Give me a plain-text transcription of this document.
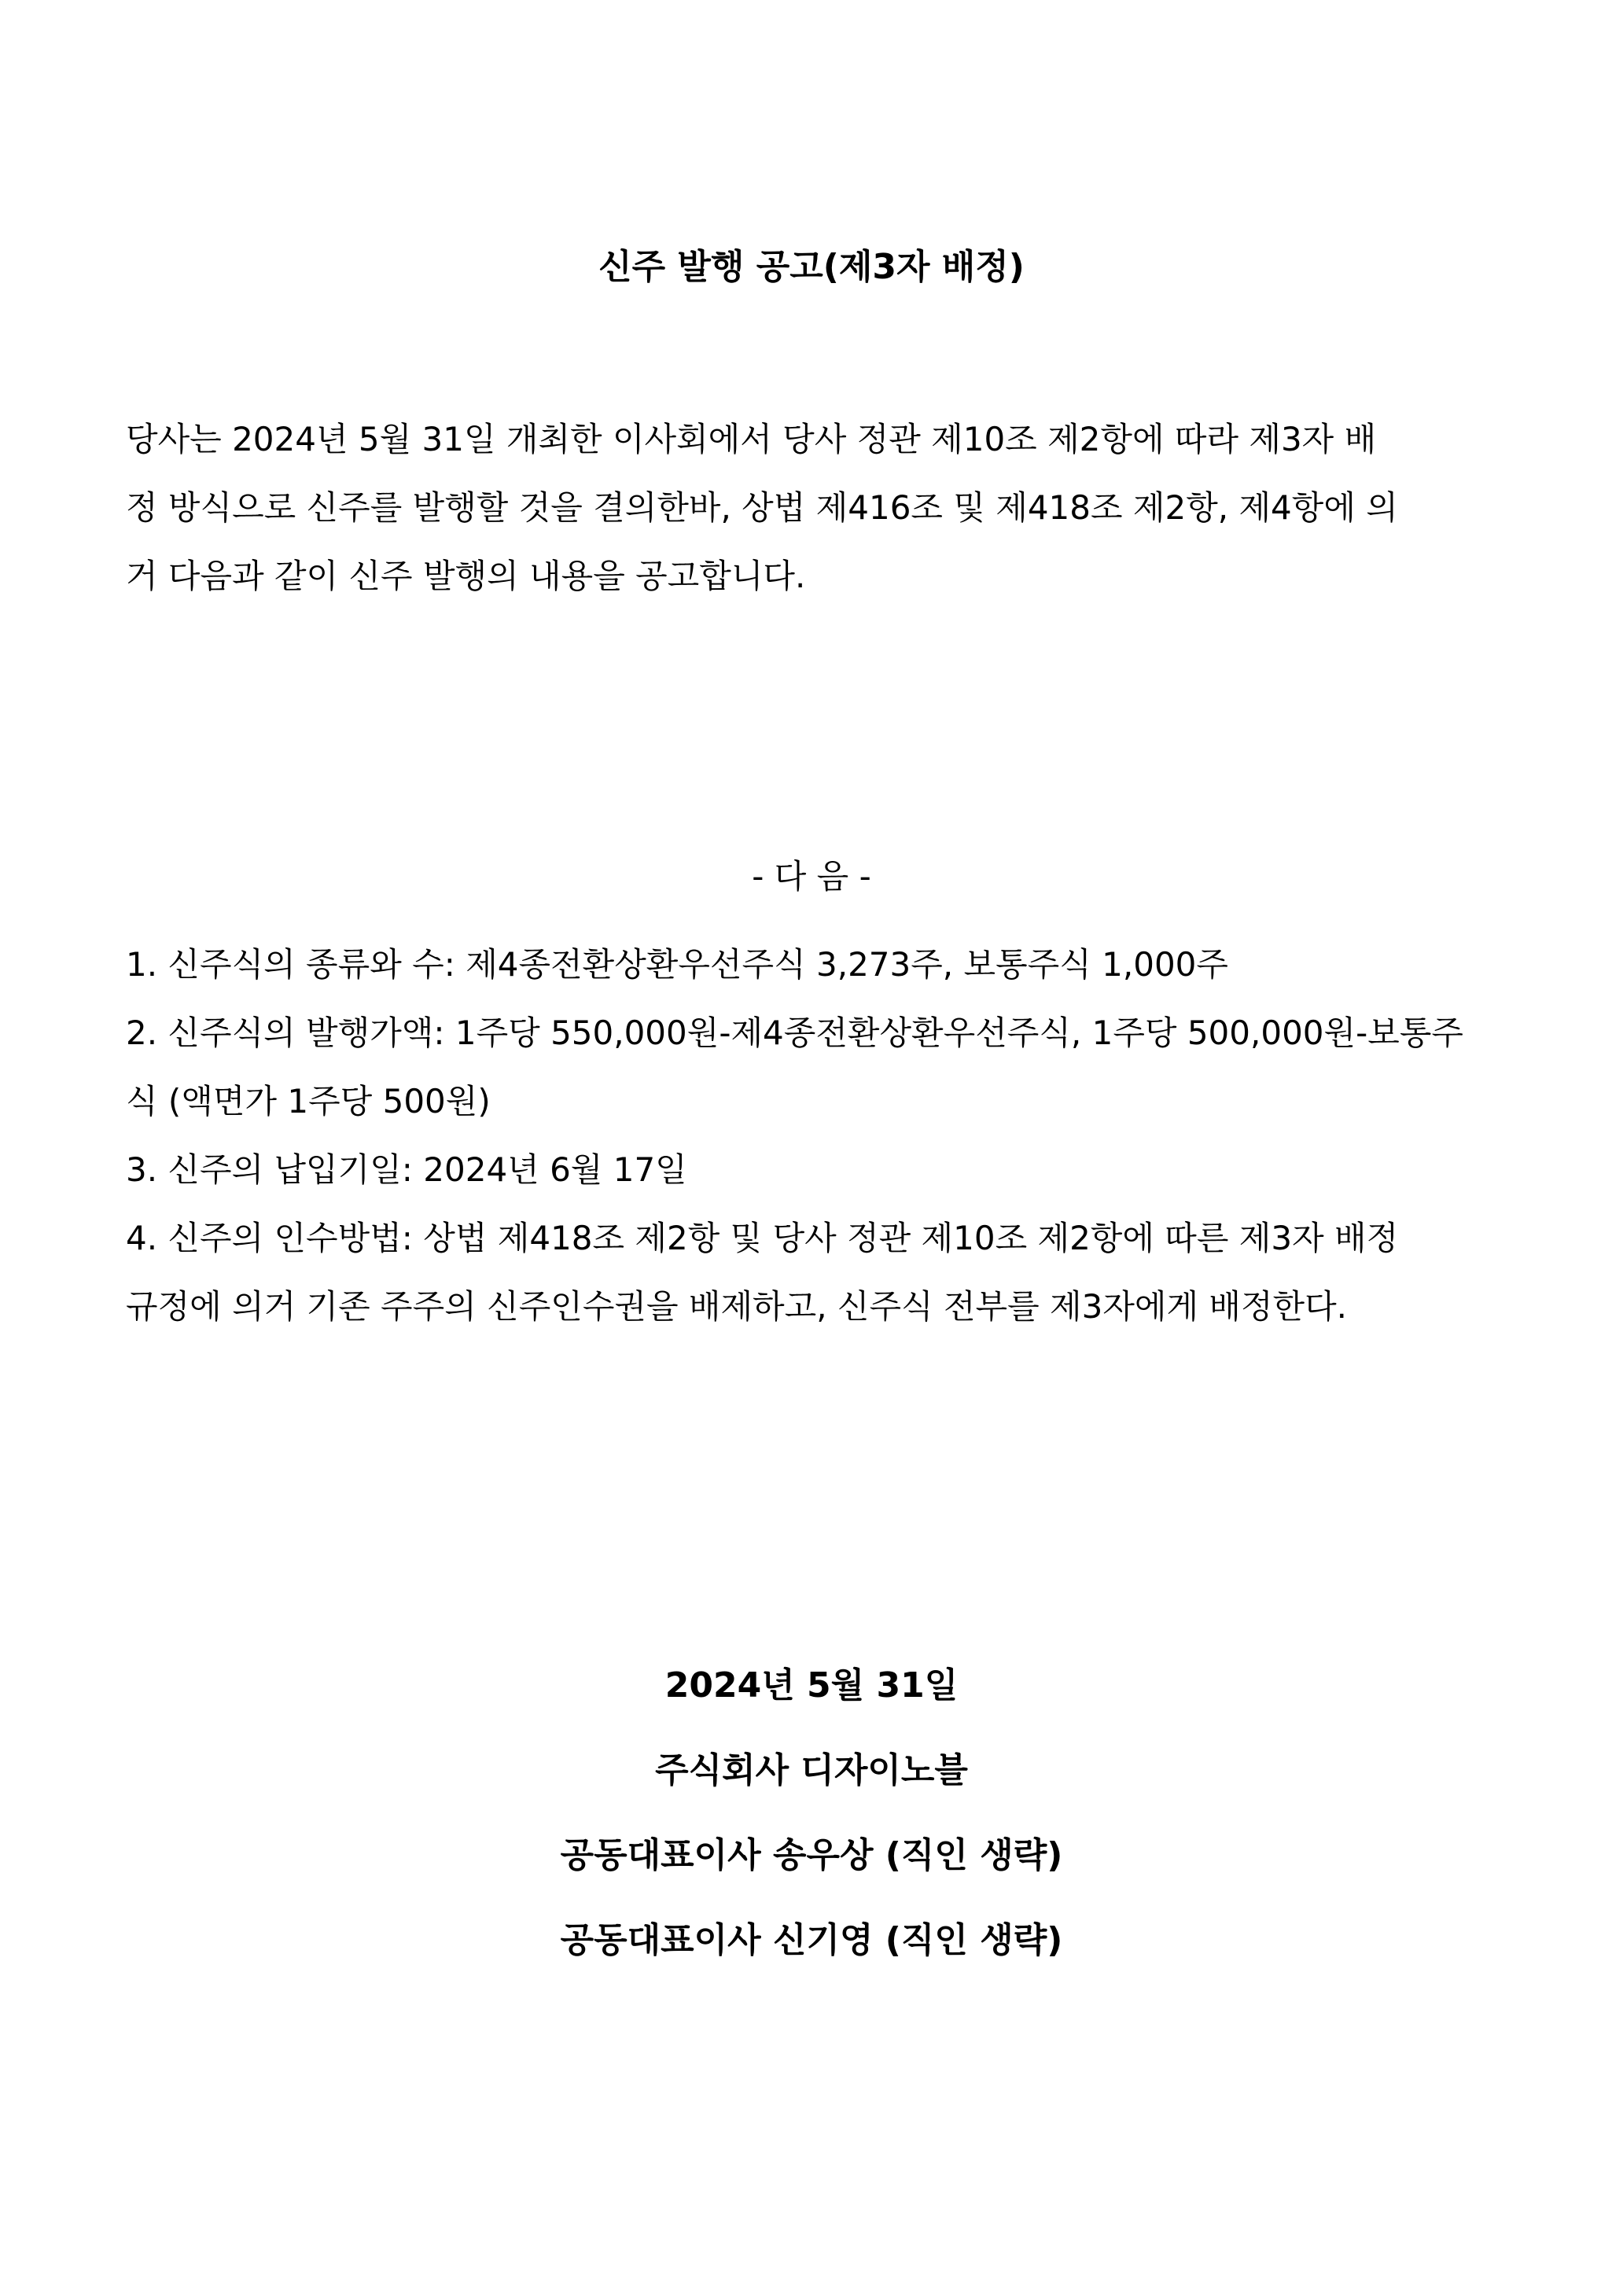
신주 발행 공고(제3자 배정)

당사는 2024년 5월 31일 개최한 이사회에서 당사 정관 제10조 제2항에 따라 제3자 배

정 방식으로 신주를 발행할 것을 결의한바, 상법 제416조 및 제418조 제2항, 제4항에 의

거 다음과 같이 신주 발행의 내용을 공고합니다.

- 다 음 -
1. 신주식의 종류와 수: 제4종전환상환우선주식 3,273주, 보통주식 1,000주
2. 신주식의 발행가액: 1주당 550,000원-제4종전환상환우선주식, 1주당 500,000원-보통주
식 (액면가 1주당 500원)
3. 신주의 납입기일: 2024년 6월 17일
4. 신주의 인수방법: 상법 제418조 제2항 및 당사 정관 제10조 제2항에 따른 제3자 배정
규정에 의거 기존 주주의 신주인수권을 배제하고, 신주식 전부를 제3자에게 배정한다.
2024년 5월 31일
주식회사 디자이노블
공동대표이사 송우상 (직인 생략)
공동대표이사 신기영 (직인 생략)
